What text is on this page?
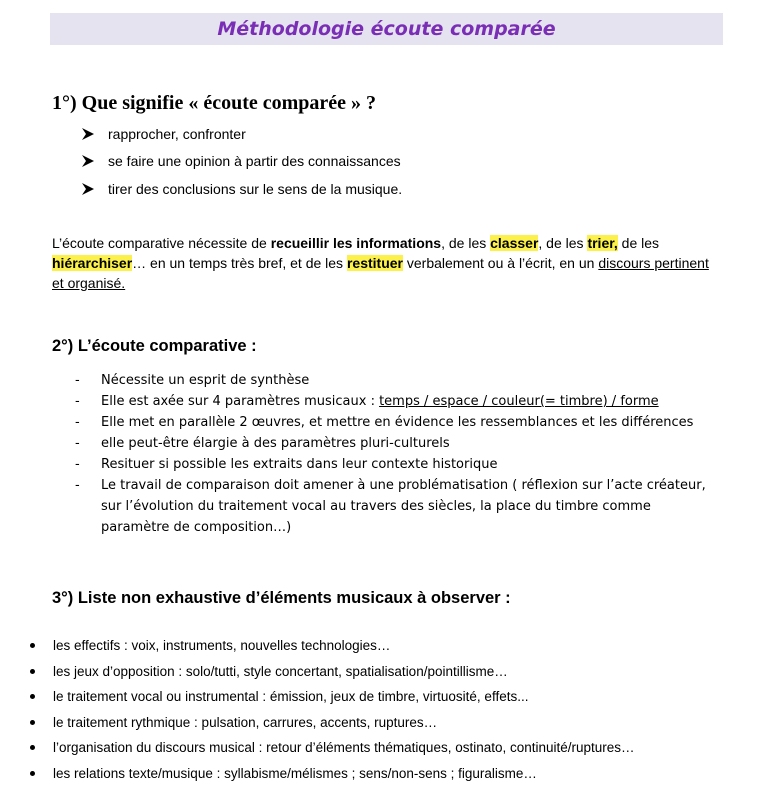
Méthodologie écoute comparée
1°) Que signifie « écoute comparée » ?
rapprocher, confronter
se faire une opinion à partir des connaissances
tirer des conclusions sur le sens de la musique.
L’écoute comparative nécessite de recueillir les informations, de les classer, de les trier, de les hiérarchiser… en un temps très bref, et de les restituer verbalement ou à l’écrit, en un discours pertinent et organisé.
2°) L’écoute comparative :
-	Nécessite un esprit de synthèse
-	Elle est axée sur 4 paramètres musicaux : temps / espace / couleur(= timbre) / forme
-	Elle met en parallèle 2 œuvres, et mettre en évidence les ressemblances et les différences
-	elle peut-être élargie à des paramètres pluri-culturels
-	Resituer si possible les extraits dans leur contexte historique
-	Le travail de comparaison doit amener à une problématisation ( réflexion sur l’acte créateur, sur l’évolution du traitement vocal au travers des siècles, la place du timbre comme paramètre de composition…)
3°) Liste non exhaustive d’éléments musicaux à observer :
les effectifs : voix, instruments, nouvelles technologies…
les jeux d’opposition : solo/tutti, style concertant, spatialisation/pointillisme…
le traitement vocal ou instrumental : émission, jeux de timbre, virtuosité, effets...
le traitement rythmique : pulsation, carrures, accents, ruptures…
l’organisation du discours musical : retour d’éléments thématiques, ostinato, continuité/ruptures…
les relations texte/musique : syllabisme/mélismes ; sens/non-sens ; figuralisme…
